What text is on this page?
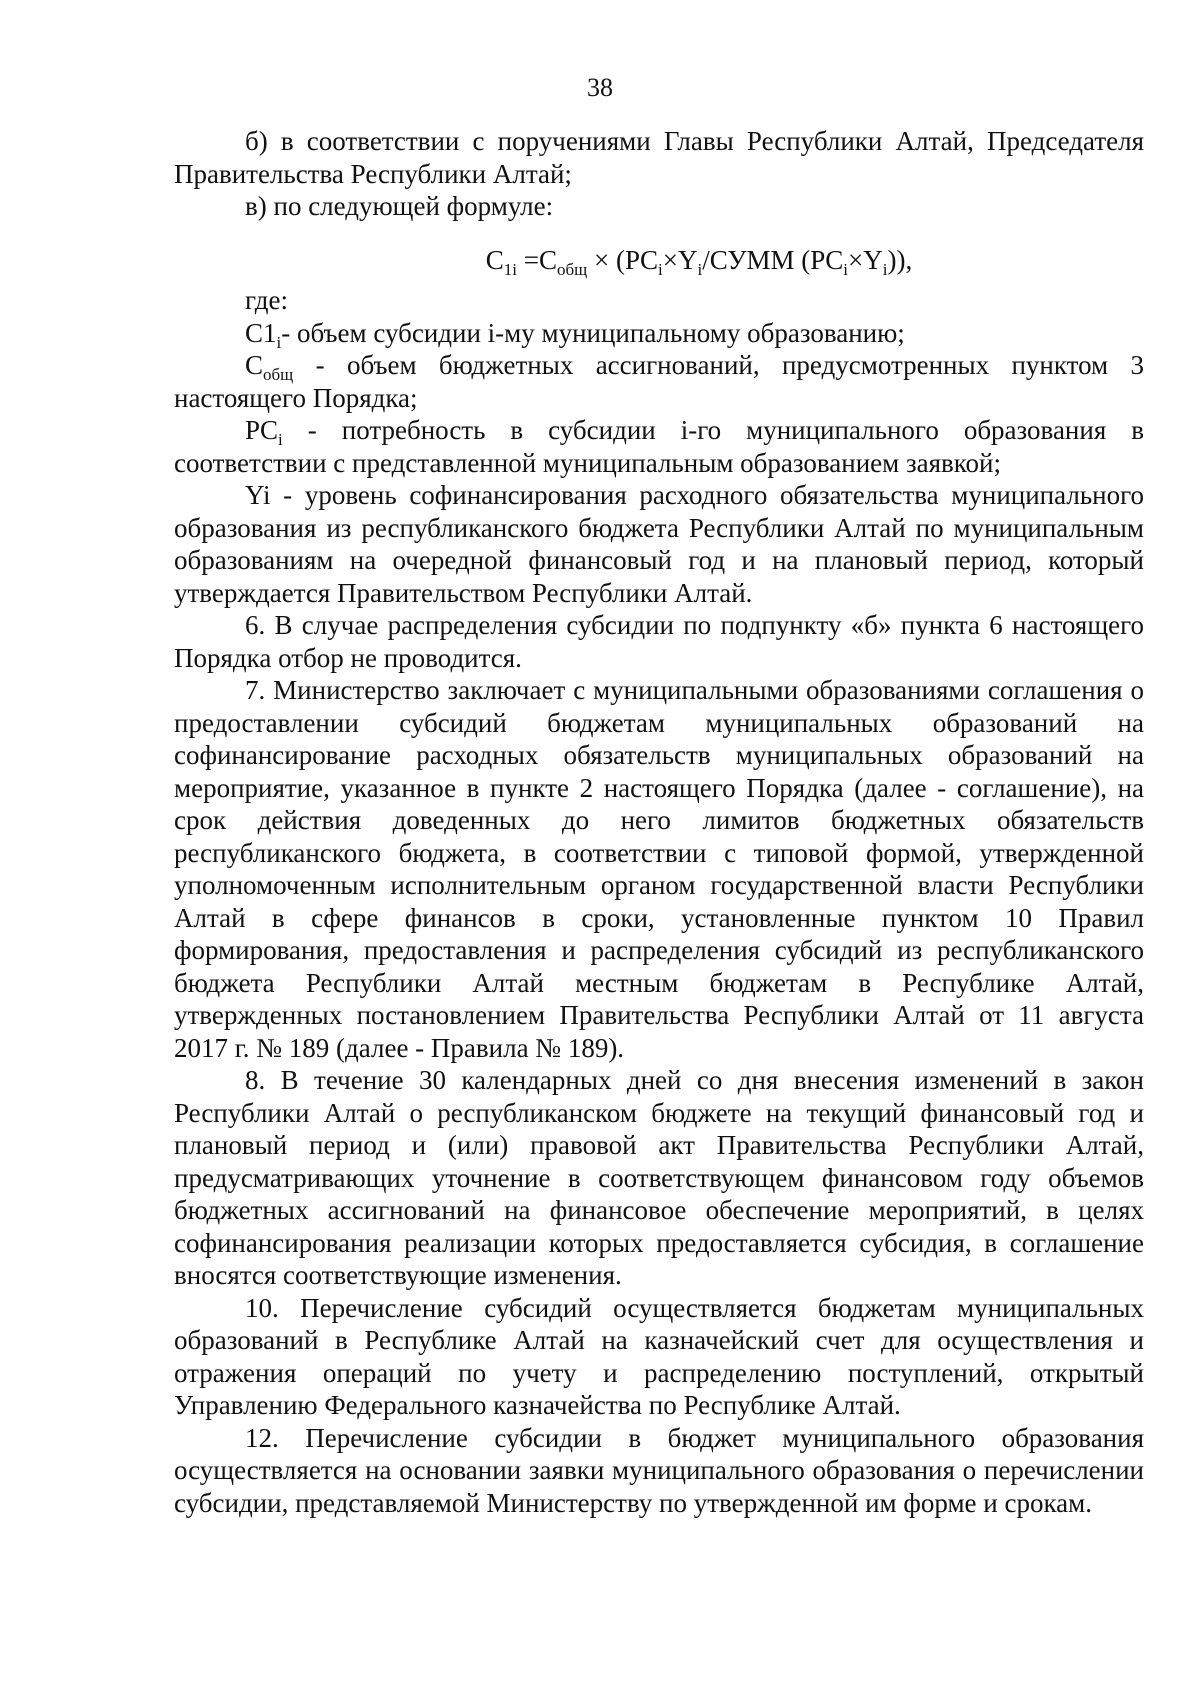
38

б) в соответствии с поручениями Главы Республики Алтай, Председателя Правительства Республики Алтай;

в) по следующей формуле:

$C_{1i} =C_{общ}$ × ($PC_i\times Y_i$/СУММ $(PC_i\times Y_i)$),

где:

$C1_i-$ объем субсидии i-му муниципальному образованию;

$C_{общ}$ - объем бюджетных ассигнований, предусмотренных пунктом 3 настоящего Порядка;

$PC_i$ - потребность в субсидии i-го муниципального образования в соответствии с представленной муниципальным образованием заявкой;

Yi - уровень софинансирования расходного обязательства муниципального образования из республиканского бюджета Республики Алтай по муниципальным образованиям на очередной финансовый год и на плановый период, который утверждается Правительством Республики Алтай.

6. В случае распределения субсидии по подпункту «б» пункта 6 настоящего Порядка отбор не проводится.

7. Министерство заключает с муниципальными образованиями соглашения о предоставлении субсидий бюджетам муниципальных образований на софинансирование расходных обязательств муниципальных образований на мероприятие, указанное в пункте 2 настоящего Порядка (далее - соглашение), на срок действия доведенных до него лимитов бюджетных обязательств республиканского бюджета, в соответствии с типовой формой, утвержденной уполномоченным исполнительным органом государственной власти Республики Алтай в сфере финансов в сроки, установленные пунктом 10 Правил формирования, предоставления и распределения субсидий из республиканского бюджета Республики Алтай местным бюджетам в Республике Алтай, утвержденных постановлением Правительства Республики Алтай от 11 августа 2017 г. № 189 (далее - Правила № 189).

8. В течение 30 календарных дней со дня внесения изменений в закон Республики Алтай о республиканском бюджете на текущий финансовый год и плановый период и (или) правовой акт Правительства Республики Алтай, предусматривающих уточнение в соответствующем финансовом году объемов бюджетных ассигнований на финансовое обеспечение мероприятий, в целях софинансирования реализации которых предоставляется субсидия, в соглашение вносятся соответствующие изменения.

10. Перечисление субсидий осуществляется бюджетам муниципальных образований в Республике Алтай на казначейский счет для осуществления и отражения операций по учету и распределению поступлений, открытый Управлению Федерального казначейства по Республике Алтай.

12. Перечисление субсидии в бюджет муниципального образования осуществляется на основании заявки муниципального образования о перечислении субсидии, представляемой Министерству по утвержденной им форме и срокам.
